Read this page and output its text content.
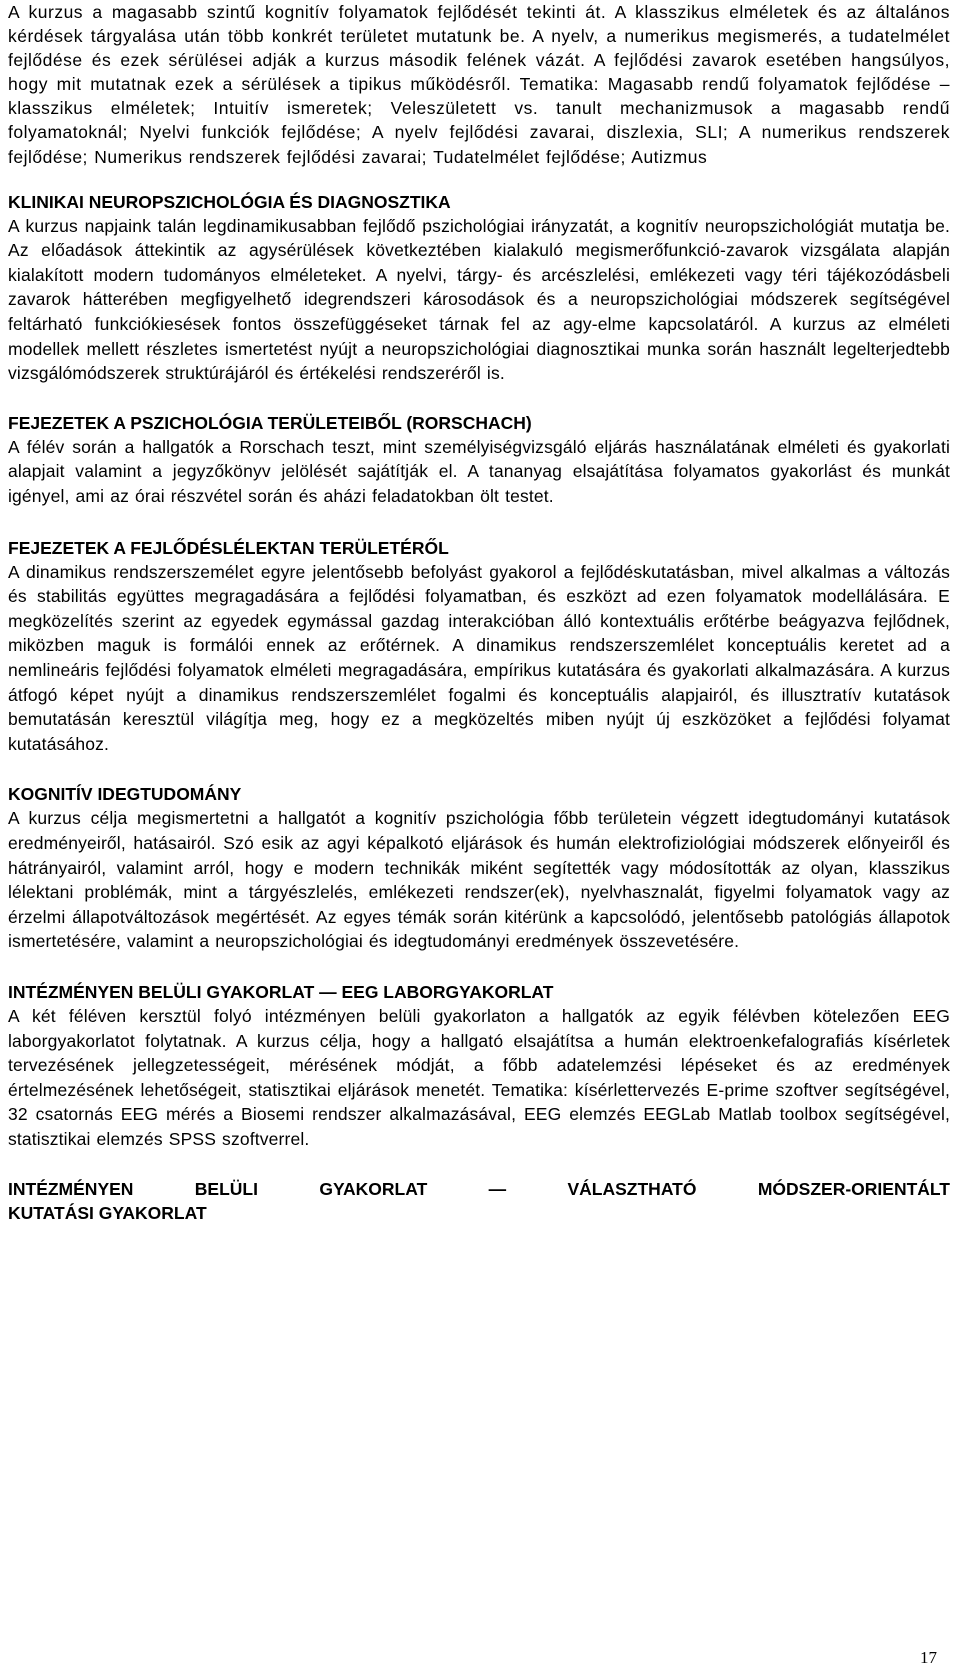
A kurzus a magasabb szintű kognitív folyamatok fejlődését tekinti át. A klasszikus elméletek és az általános kérdések tárgyalása után több konkrét területet mutatunk be. A nyelv, a numerikus megismerés, a tudatelmélet fejlődése és ezek sérülései adják a kurzus második felének vázát. A fejlődési zavarok esetében hangsúlyos, hogy mit mutatnak ezek a sérülések a tipikus működésről. Tematika: Magasabb rendű folyamatok fejlődése – klasszikus elméletek; Intuitív ismeretek; Veleszületett vs. tanult mechanizmusok a magasabb rendű folyamatoknál; Nyelvi funkciók fejlődése; A nyelv fejlődési zavarai, diszlexia, SLI; A numerikus rendszerek fejlődése; Numerikus rendszerek fejlődési zavarai; Tudatelmélet fejlődése; Autizmus

KLINIKAI NEUROPSZICHOLÓGIA ÉS DIAGNOSZTIKA

A kurzus napjaink talán legdinamikusabban fejlődő pszichológiai irányzatát, a kognitív neuropszichológiát mutatja be. Az előadások áttekintik az agysérülések következtében kialakuló megismerőfunkció-zavarok vizsgálata alapján kialakított modern tudományos elméleteket. A nyelvi, tárgy- és arcészlelési, emlékezeti vagy téri tájékozódásbeli zavarok hátterében megfigyelhető idegrendszeri károsodások és a neuropszichológiai módszerek segítségével feltárható funkciókiesések fontos összefüggéseket tárnak fel az agy-elme kapcsolatáról. A kurzus az elméleti modellek mellett részletes ismertetést nyújt a neuropszichológiai diagnosztikai munka során használt legelterjedtebb vizsgálómódszerek struktúrájáról és értékelési rendszeréről is.

FEJEZETEK A PSZICHOLÓGIA TERÜLETEIBŐL (RORSCHACH)

A félév során a hallgatók a Rorschach teszt, mint személyiségvizsgáló eljárás használatának elméleti és gyakorlati alapjait valamint a jegyzőkönyv jelölését sajátítják el. A tananyag elsajátítása folyamatos gyakorlást és munkát igényel, ami az órai részvétel során és aházi feladatokban ölt testet.

FEJEZETEK A FEJLŐDÉSLÉLEKTAN TERÜLETÉRŐL

A dinamikus rendszerszemélet egyre jelentősebb befolyást gyakorol a fejlődéskutatásban, mivel alkalmas a változás és stabilitás együttes megragadására a fejlődési folyamatban, és eszközt ad ezen folyamatok modellálására. E megközelítés szerint az egyedek egymással gazdag interakcióban álló kontextuális erőtérbe beágyazva fejlődnek, miközben maguk is formálói ennek az erőtérnek. A dinamikus rendszerszemlélet konceptuális keretet ad a nemlineáris fejlődési folyamatok elméleti megragadására, empírikus kutatására és gyakorlati alkalmazására. A kurzus átfogó képet nyújt a dinamikus rendszerszemlélet fogalmi és konceptuális alapjairól, és illusztratív kutatások bemutatásán keresztül világítja meg, hogy ez a megközeltés miben nyújt új eszközöket a fejlődési folyamat kutatásához.

KOGNITÍV IDEGTUDOMÁNY

A kurzus célja megismertetni a hallgatót a kognitív pszichológia főbb területein végzett idegtudományi kutatások eredményeiről, hatásairól. Szó esik az agyi képalkotó eljárások és humán elektrofiziológiai módszerek előnyeiről és hátrányairól, valamint arról, hogy e modern technikák miként segítették vagy módosították az olyan, klasszikus lélektani problémák, mint a tárgyészlelés, emlékezeti rendszer(ek), nyelvhasznalát, figyelmi folyamatok vagy az érzelmi állapotváltozások megértését. Az egyes témák során kitérünk a kapcsolódó, jelentősebb patológiás állapotok ismertetésére, valamint a neuropszichológiai és idegtudományi eredmények összevetésére.

INTÉZMÉNYEN BELÜLI GYAKORLAT — EEG LABORGYAKORLAT

A két féléven kersztül folyó intézményen belüli gyakorlaton a hallgatók az egyik félévben kötelezően EEG laborgyakorlatot folytatnak. A kurzus célja, hogy a hallgató elsajátítsa a humán elektroenkefalografiás kísérletek tervezésének jellegzetességeit, mérésének módját, a főbb adatelemzési lépéseket és az eredmények értelmezésének lehetőségeit, statisztikai eljárások menetét. Tematika: kísérlettervezés E-prime szoftver segítségével, 32 csatornás EEG mérés a Biosemi rendszer alkalmazásával, EEG elemzés EEGLab Matlab toolbox segítségével, statisztikai elemzés SPSS szoftverrel.

INTÉZMÉNYEN BELÜLI GYAKORLAT — VÁLASZTHATÓ MÓDSZER-ORIENTÁLT
KUTATÁSI GYAKORLAT
17
